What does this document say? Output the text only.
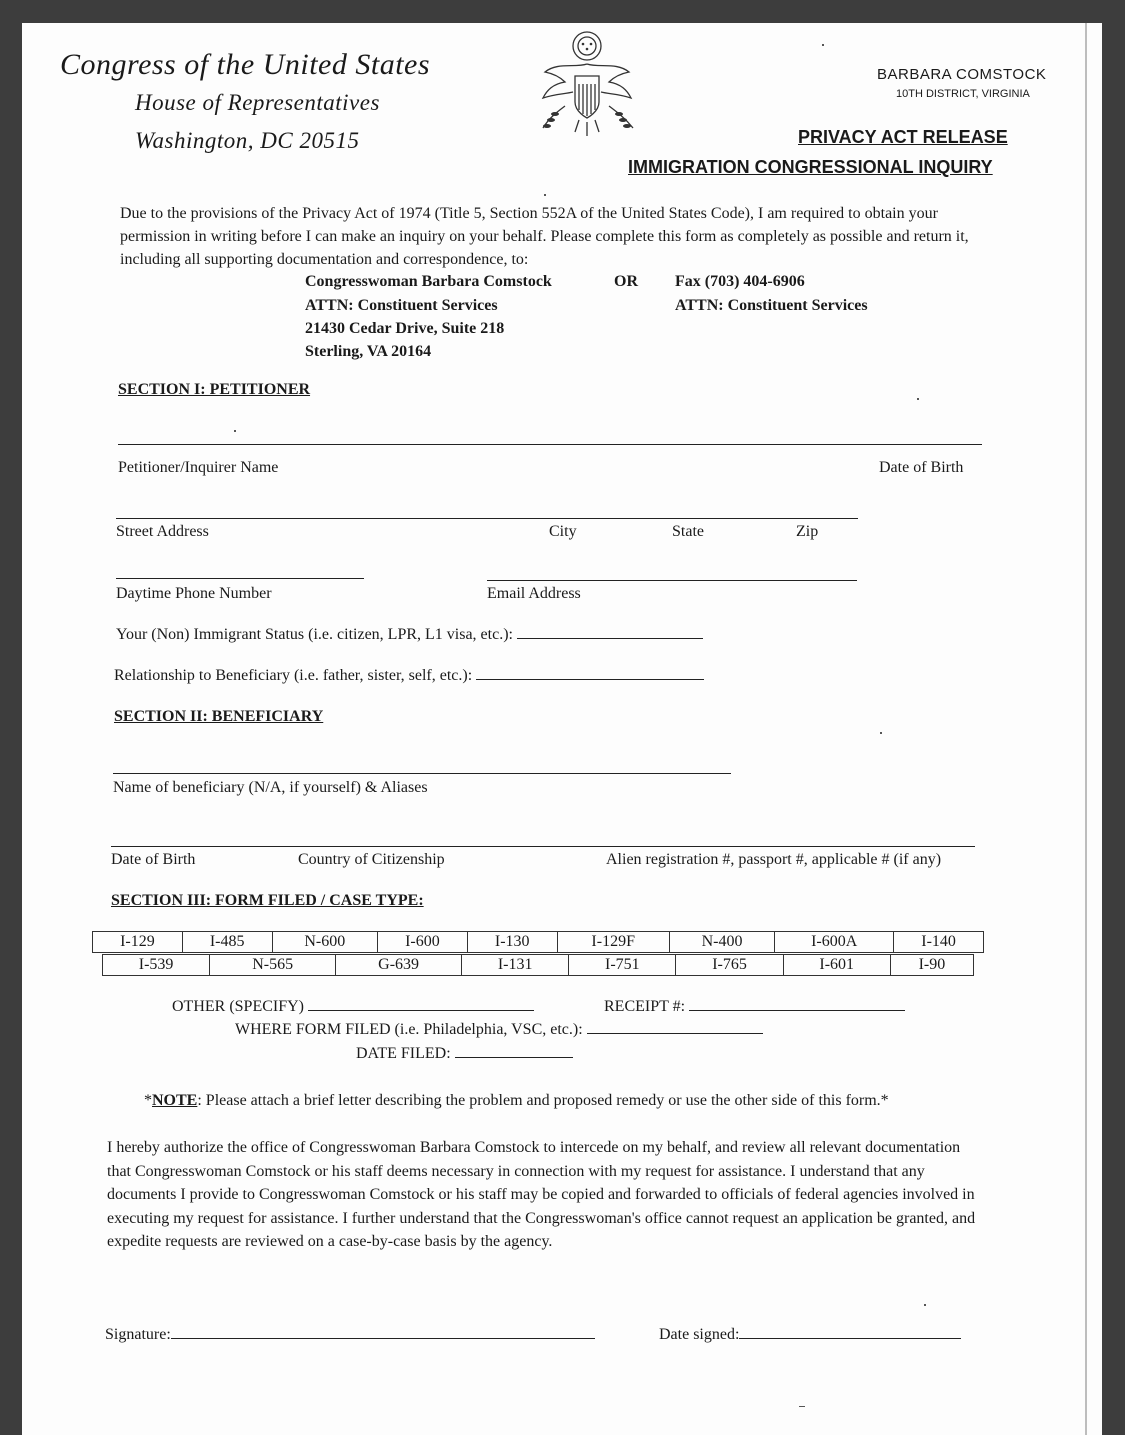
Congress of the United States
House of Representatives
Washington, DC 20515
BARBARA COMSTOCK
10TH DISTRICT, VIRGINIA
PRIVACY ACT RELEASE
IMMIGRATION CONGRESSIONAL INQUIRY
Due to the provisions of the Privacy Act of 1974 (Title 5, Section 552A of the United States Code), I am required to obtain your permission in writing before I can make an inquiry on your behalf. Please complete this form as completely as possible and return it, including all supporting documentation and correspondence, to:
Congresswoman Barbara Comstock
ATTN: Constituent Services
21430 Cedar Drive, Suite 218
Sterling, VA 20164
OR Fax (703) 404-6906
ATTN: Constituent Services
SECTION I: PETITIONER
Petitioner/Inquirer Name	Date of Birth
Street Address	City	State	Zip
Daytime Phone Number	Email Address
Your (Non) Immigrant Status (i.e. citizen, LPR, L1 visa, etc.):
Relationship to Beneficiary (i.e. father, sister, self, etc.):
SECTION II: BENEFICIARY
Name of beneficiary (N/A, if yourself) & Aliases
Date of Birth	Country of Citizenship	Alien registration #, passport #, applicable # (if any)
SECTION III: FORM FILED / CASE TYPE:
I-129	I-485	N-600	I-600	I-130	I-129F	N-400	I-600A	I-140
I-539	N-565	G-639	I-131	I-751	I-765	I-601	I-90
OTHER (SPECIFY)	RECEIPT #:
WHERE FORM FILED (i.e. Philadelphia, VSC, etc.):
DATE FILED:
*NOTE: Please attach a brief letter describing the problem and proposed remedy or use the other side of this form.*
I hereby authorize the office of Congresswoman Barbara Comstock to intercede on my behalf, and review all relevant documentation that Congresswoman Comstock or his staff deems necessary in connection with my request for assistance. I understand that any documents I provide to Congresswoman Comstock or his staff may be copied and forwarded to officials of federal agencies involved in executing my request for assistance. I further understand that the Congresswoman's office cannot request an application be granted, and expedite requests are reviewed on a case-by-case basis by the agency.
Signature:	Date signed:
